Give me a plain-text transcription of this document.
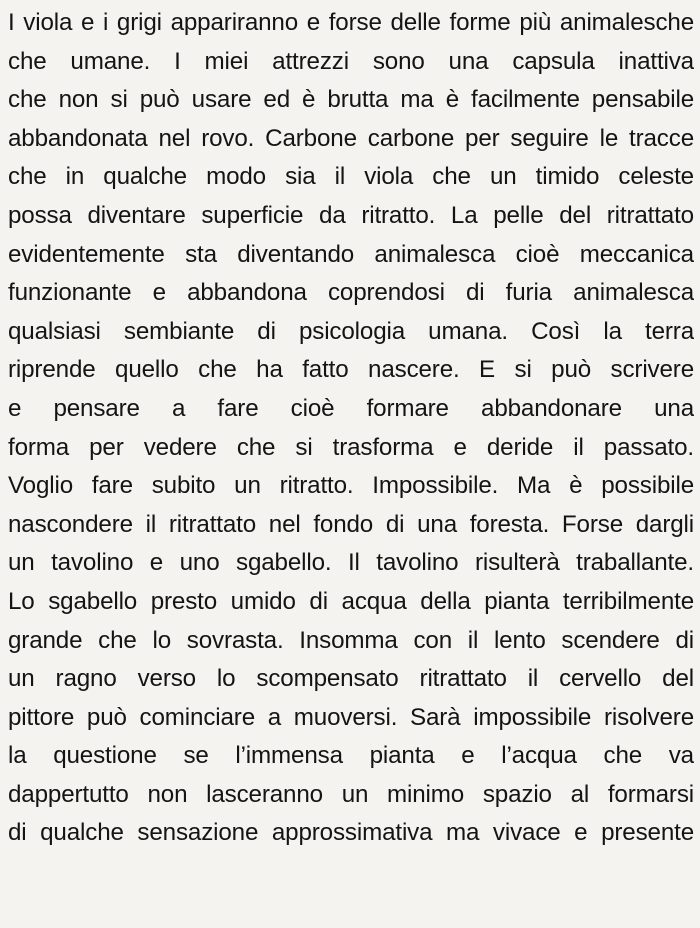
I viola e i grigi appariranno e forse delle forme più animalesche
che umane. I miei attrezzi sono una capsula inattiva
che non si può usare ed è brutta ma è facilmente pensabile
abbandonata nel rovo. Carbone carbone per seguire le tracce
che in qualche modo sia il viola che un timido celeste
possa diventare superficie da ritratto. La pelle del ritrattato
evidentemente sta diventando animalesca cioè meccanica
funzionante e abbandona coprendosi di furia animalesca
qualsiasi sembiante di psicologia umana. Così la terra
riprende quello che ha fatto nascere. E si può scrivere
e pensare a fare cioè formare abbandonare una
forma per vedere che si trasforma e deride il passato.
Voglio fare subito un ritratto. Impossibile. Ma è possibile
nascondere il ritrattato nel fondo di una foresta. Forse dargli
un tavolino e uno sgabello. Il tavolino risulterà traballante.
Lo sgabello presto umido di acqua della pianta terribilmente
grande che lo sovrasta. Insomma con il lento scendere di
un ragno verso lo scompensato ritrattato il cervello del
pittore può cominciare a muoversi. Sarà impossibile risolvere
la questione se l’immensa pianta e l’acqua che va
dappertutto non lasceranno un minimo spazio al formarsi
di qualche sensazione approssimativa ma vivace e presente
